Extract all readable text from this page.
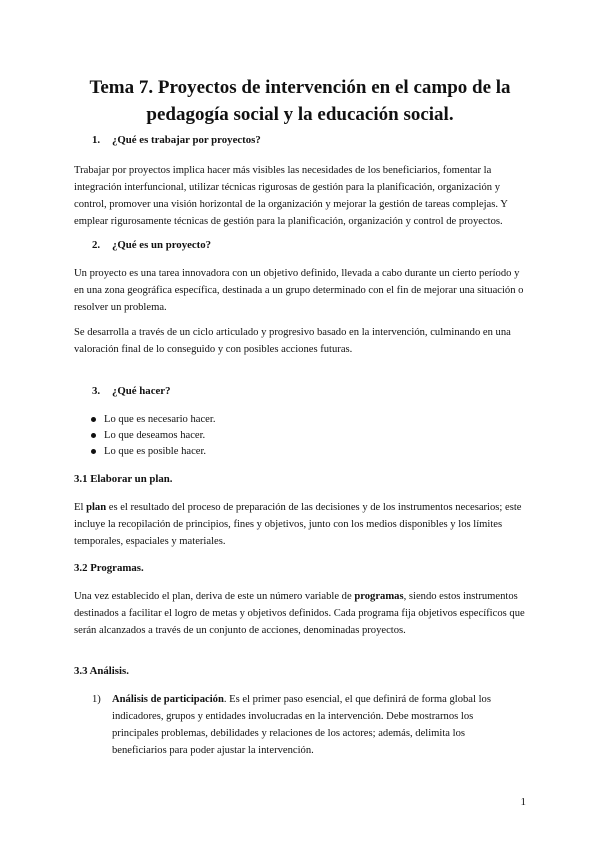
Tema 7. Proyectos de intervención en el campo de la pedagogía social y la educación social.

1. ¿Qué es trabajar por proyectos?

Trabajar por proyectos implica hacer más visibles las necesidades de los beneficiarios, fomentar la integración interfuncional, utilizar técnicas rigurosas de gestión para la planificación, organización y control, promover una visión horizontal de la organización y mejorar la gestión de tareas complejas. Y emplear rigurosamente técnicas de gestión para la planificación, organización y control de proyectos.

2. ¿Qué es un proyecto?

Un proyecto es una tarea innovadora con un objetivo definido, llevada a cabo durante un cierto período y en una zona geográfica específica, destinada a un grupo determinado con el fin de mejorar una situación o resolver un problema.

Se desarrolla a través de un ciclo articulado y progresivo basado en la intervención, culminando en una valoración final de lo conseguido y con posibles acciones futuras.

3. ¿Qué hacer?

Lo que es necesario hacer.
Lo que deseamos hacer.
Lo que es posible hacer.

3.1 Elaborar un plan.

El plan es el resultado del proceso de preparación de las decisiones y de los instrumentos necesarios; este incluye la recopilación de principios, fines y objetivos, junto con los medios disponibles y los límites temporales, espaciales y materiales.

3.2 Programas.

Una vez establecido el plan, deriva de este un número variable de programas, siendo estos instrumentos destinados a facilitar el logro de metas y objetivos definidos. Cada programa fija objetivos específicos que serán alcanzados a través de un conjunto de acciones, denominadas proyectos.

3.3 Análisis.

1) Análisis de participación. Es el primer paso esencial, el que definirá de forma global los indicadores, grupos y entidades involucradas en la intervención. Debe mostrarnos los principales problemas, debilidades y relaciones de los actores; además, delimita los beneficiarios para poder ajustar la intervención.
1
